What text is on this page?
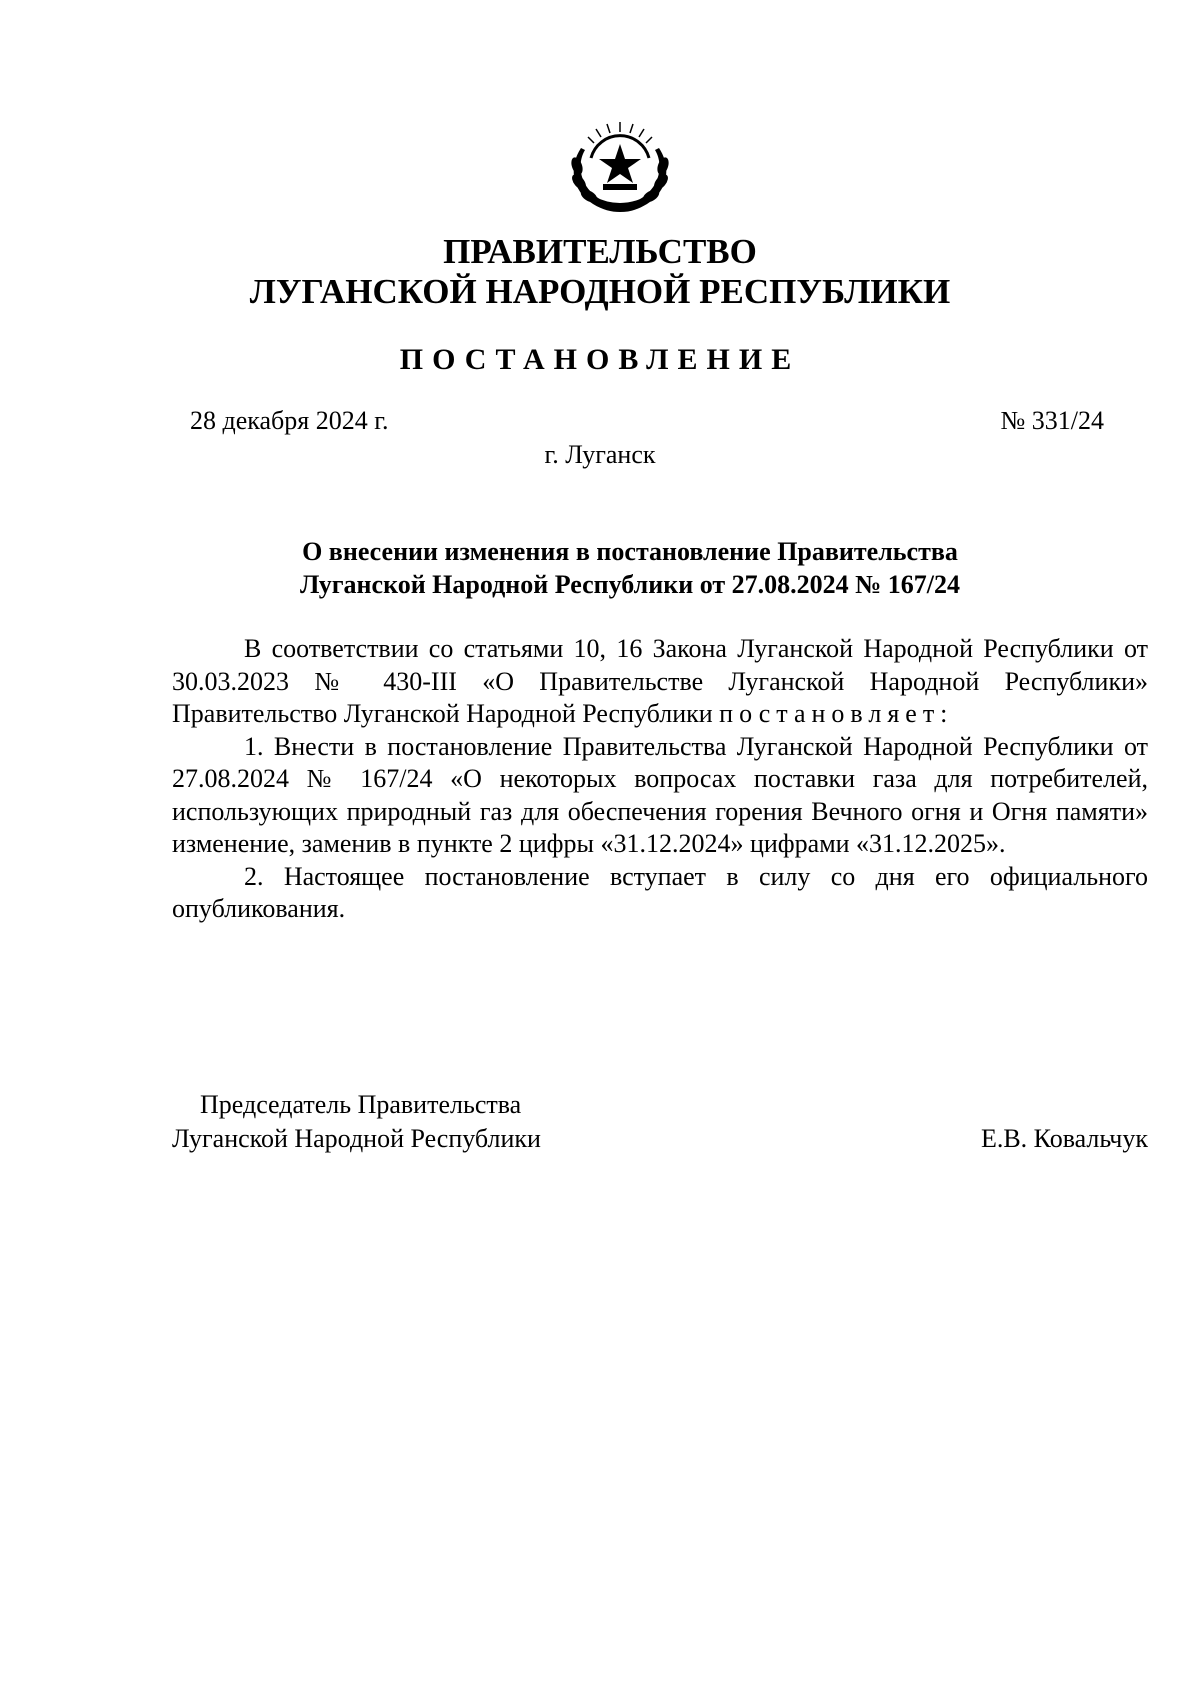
ПРАВИТЕЛЬСТВО
ЛУГАНСКОЙ НАРОДНОЙ РЕСПУБЛИКИ
ПОСТАНОВЛЕНИЕ
28 декабря 2024 г.	№ 331/24
г. Луганск
О внесении изменения в постановление Правительства
Луганской Народной Республики от 27.08.2024 № 167/24

В соответствии со статьями 10, 16 Закона Луганской Народной Республики от 30.03.2023 № 430-III «О Правительстве Луганской Народной Республики» Правительство Луганской Народной Республики постановляет:

1. Внести в постановление Правительства Луганской Народной Республики от 27.08.2024 № 167/24 «О некоторых вопросах поставки газа для потребителей, использующих природный газ для обеспечения горения Вечного огня и Огня памяти» изменение, заменив в пункте 2 цифры «31.12.2024» цифрами «31.12.2025».

2. Настоящее постановление вступает в силу со дня его официального опубликования.

Председатель Правительства
Луганской Народной Республики	Е.В. Ковальчук
